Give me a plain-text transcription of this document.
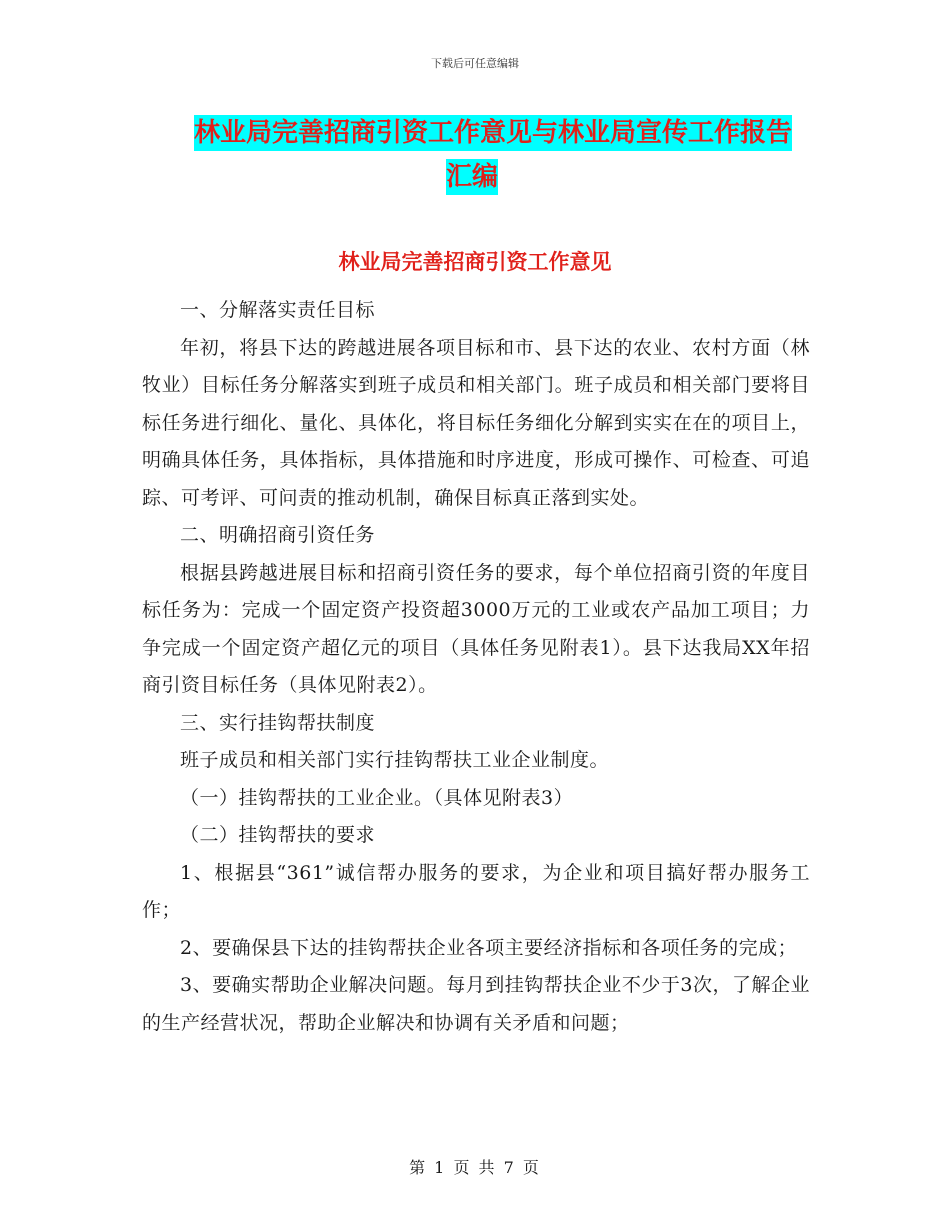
下载后可任意编辑
林业局完善招商引资工作意见与林业局宣传工作报告
汇编
林业局完善招商引资工作意见

一、分解落实责任目标

年初，将县下达的跨越进展各项目标和市、县下达的农业、农村方面（林牧业）目标任务分解落实到班子成员和相关部门。班子成员和相关部门要将目标任务进行细化、量化、具体化，将目标任务细化分解到实实在在的项目上，明确具体任务，具体指标，具体措施和时序进度，形成可操作、可检查、可追踪、可考评、可问责的推动机制，确保目标真正落到实处。

二、明确招商引资任务

根据县跨越进展目标和招商引资任务的要求，每个单位招商引资的年度目标任务为：完成一个固定资产投资超3000万元的工业或农产品加工项目；力争完成一个固定资产超亿元的项目（具体任务见附表1）。县下达我局XX年招商引资目标任务（具体见附表2）。

三、实行挂钩帮扶制度

班子成员和相关部门实行挂钩帮扶工业企业制度。

（一）挂钩帮扶的工业企业。（具体见附表3）

（二）挂钩帮扶的要求

1、根据县“361”诚信帮办服务的要求，为企业和项目搞好帮办服务工作；

2、要确保县下达的挂钩帮扶企业各项主要经济指标和各项任务的完成；

3、要确实帮助企业解决问题。每月到挂钩帮扶企业不少于3次，了解企业的生产经营状况，帮助企业解决和协调有关矛盾和问题；

第 1 页 共 7 页
